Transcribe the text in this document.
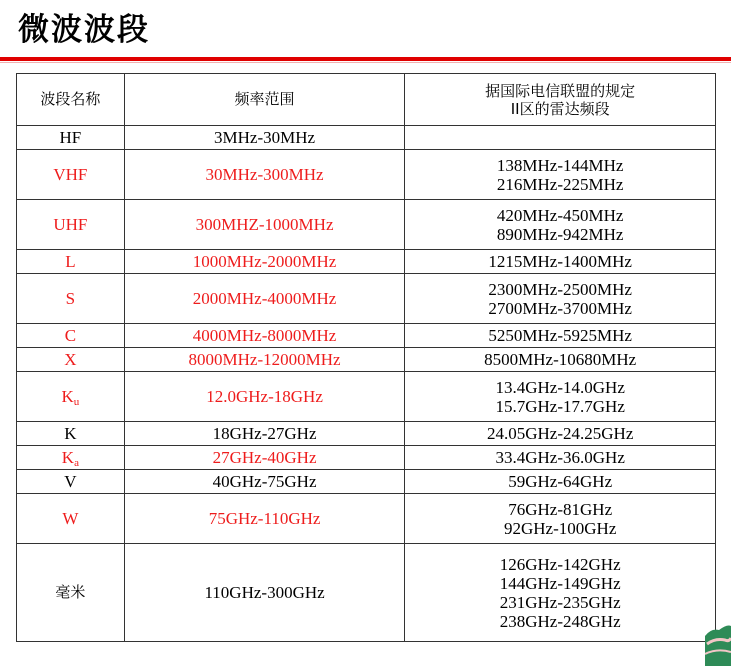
微波波段
波段名称	频率范围	据国际电信联盟的规定
II区的雷达频段
HF	3MHz-30MHz	
VHF	30MHz-300MHz	138MHz-144MHz
216MHz-225MHz
UHF	300MHZ-1000MHz	420MHz-450MHz
890MHz-942MHz
L	1000MHz-2000MHz	1215MHz-1400MHz
S	2000MHz-4000MHz	2300MHz-2500MHz
2700MHz-3700MHz
C	4000MHz-8000MHz	5250MHz-5925MHz
X	8000MHz-12000MHz	8500MHz-10680MHz
$K_u$	12.0GHz-18GHz	13.4GHz-14.0GHz
15.7GHz-17.7GHz
K	18GHz-27GHz	24.05GHz-24.25GHz
$K_a$	27GHz-40GHz	33.4GHz-36.0GHz
V	40GHz-75GHz	59GHz-64GHz
W	75GHz-110GHz	76GHz-81GHz
92GHz-100GHz
毫米	110GHz-300GHz	126GHz-142GHz
144GHz-149GHz
231GHz-235GHz
238GHz-248GHz
